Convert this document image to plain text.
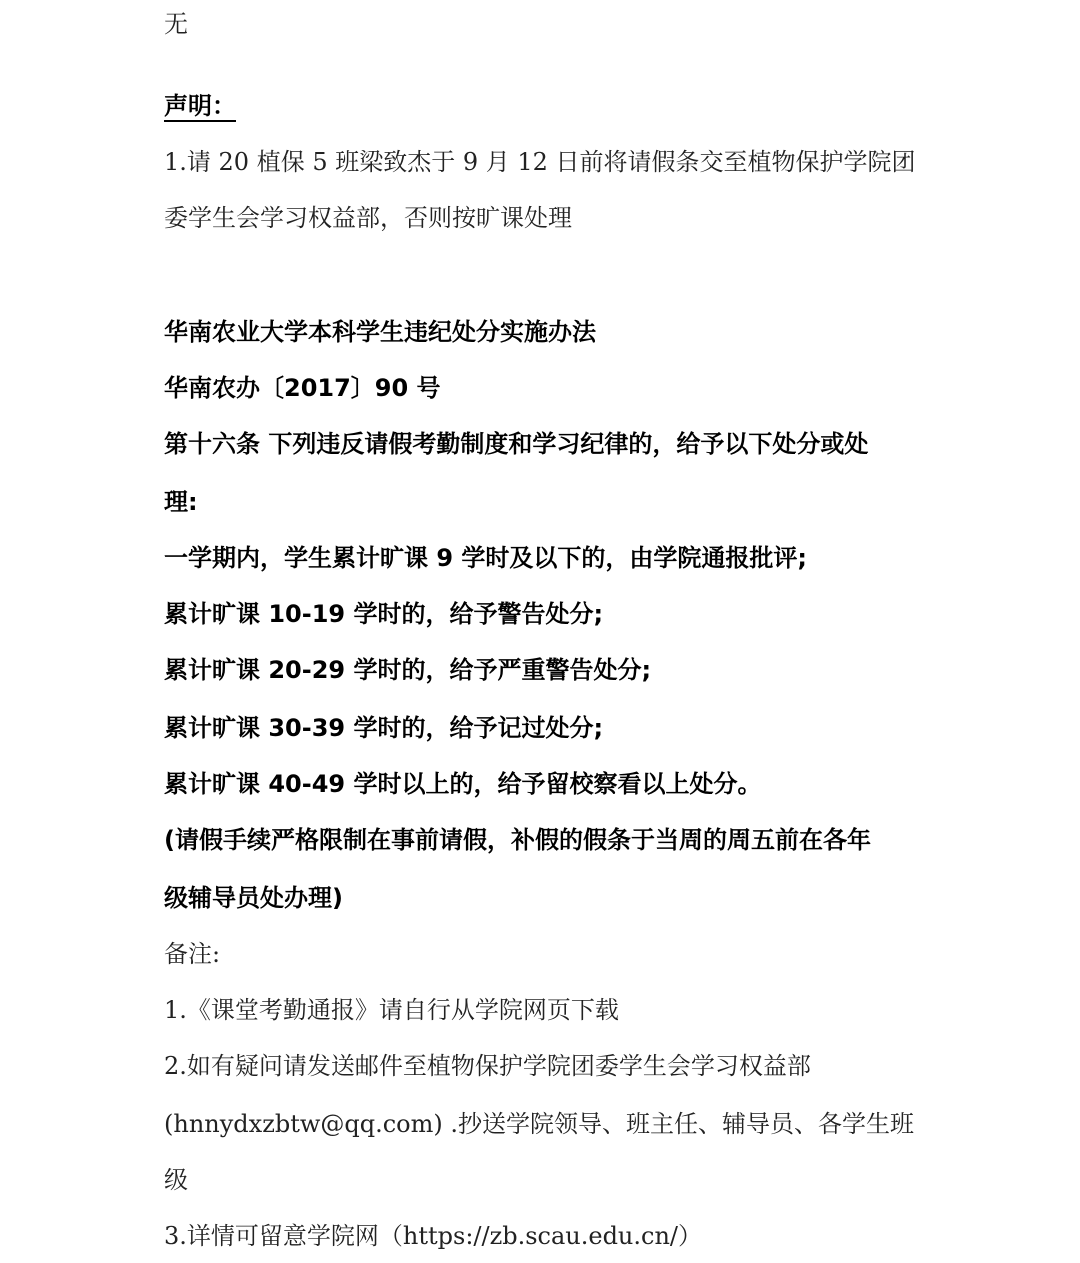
无
声明：
1.请 20 植保 5 班梁致杰于 9 月 12 日前将请假条交至植物保护学院团
委学生会学习权益部，否则按旷课处理
华南农业大学本科学生违纪处分实施办法
华南农办〔2017〕90 号
第十六条 下列违反请假考勤制度和学习纪律的，给予以下处分或处
理:
一学期内，学生累计旷课 9 学时及以下的，由学院通报批评;
累计旷课 10-19 学时的，给予警告处分;
累计旷课 20-29 学时的，给予严重警告处分;
累计旷课 30-39 学时的，给予记过处分;
累计旷课 40-49 学时以上的，给予留校察看以上处分。
(请假手续严格限制在事前请假，补假的假条于当周的周五前在各年
级辅导员处办理)
备注:
1.《课堂考勤通报》请自行从学院网页下载
2.如有疑问请发送邮件至植物保护学院团委学生会学习权益部
(hnnydxzbtw@qq.com) .抄送学院领导、班主任、辅导员、各学生班
级
3.详情可留意学院网（https://zb.scau.edu.cn/）
